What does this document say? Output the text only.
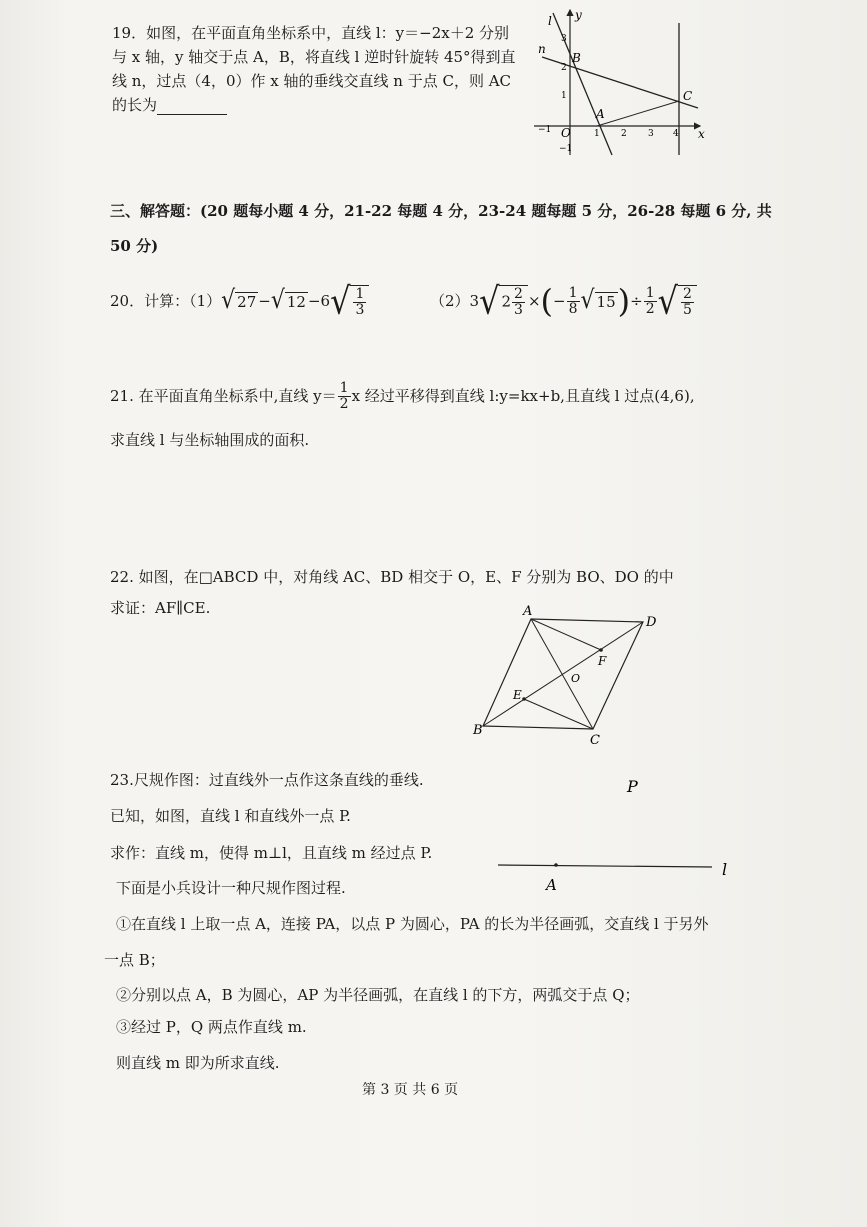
19．如图，在平面直角坐标系中，直线 l：y＝−2x＋2 分别
与 x 轴，y 轴交于点 A，B，将直线 l 逆时针旋转 45°得到直
线 n，过点（4，0）作 x 轴的垂线交直线 n 于点 C，则 AC
的长为
l y
n
B
A
C
O	x
3
2
1
−1
−1	1 2 3 4
三、解答题：(20 题每小题 4 分，21-22 每题 4 分，23-24 题每题 5 分，26-28 每题 6 分, 共
50 分)
20．计算：（1） √ 27 − √ 12 −6 √ $\frac{1}{3}$	（2）3 √ $2 \frac{2}{3}$ × ( − $\frac{1}{8}$ √ 15 ) ÷ $\frac{1}{2}$ √ $\frac{2}{5}$
21. 在平面直角坐标系中,直线 $y= \frac{1}{2}$ x 经过平移得到直线 l:y=kx+b,且直线 l 过点(4,6),
求直线 l 与坐标轴围成的面积.
22. 如图，在□ABCD 中，对角线 AC、BD 相交于 O，E、F 分别为 BO、DO 的中
求证：AF∥CE.	A
D
B
C
F
E
O
23.尺规作图：过直线外一点作这条直线的垂线.
已知，如图，直线 l 和直线外一点 P.
求作：直线 m，使得 m⊥l，且直线 m 经过点 P.
下面是小兵设计一种尺规作图过程.
①在直线 l 上取一点 A，连接 PA，以点 P 为圆心，PA 的长为半径画弧，交直线 l 于另外
一点 B；
②分别以点 A，B 为圆心，AP 为半径画弧，在直线 l 的下方，两弧交于点 Q；
③经过 P，Q 两点作直线 m.
则直线 m 即为所求直线.
P
A
l
第 3 页 共 6 页
